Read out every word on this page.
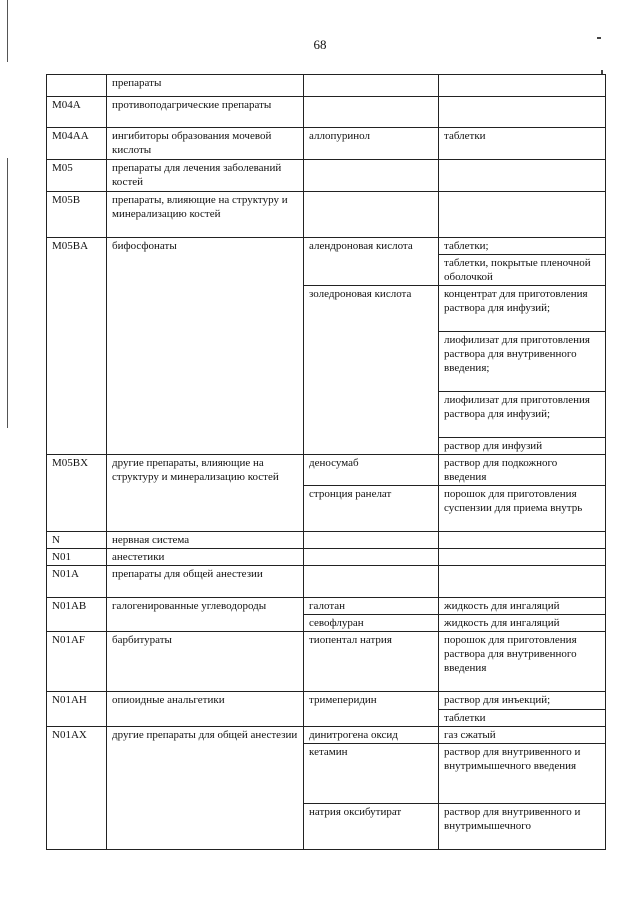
68
	препараты		
M04A	противоподагрические препараты		
M04AA	ингибиторы образования мочевой кислоты	аллопуринол	таблетки
M05	препараты для лечения заболеваний костей		
M05B	препараты, влияющие на структуру и минерализацию костей		
M05BA	бифосфонаты	алендроновая кислота	таблетки;
			таблетки, покрытые пленочной оболочкой
		золедроновая кислота	концентрат для приготовления раствора для инфузий;
			лиофилизат для приготовления раствора для внутривенного введения;
			лиофилизат для приготовления раствора для инфузий;
			раствор для инфузий
M05BX	другие препараты, влияющие на структуру и минерализацию костей	деносумаб	раствор для подкожного введения
		стронция ранелат	порошок для приготовления суспензии для приема внутрь
N	нервная система		
N01	анестетики		
N01A	препараты для общей анестезии		
N01AB	галогенированные углеводороды	галотан	жидкость для ингаляций
		севофлуран	жидкость для ингаляций
N01AF	барбитураты	тиопентал натрия	порошок для приготовления раствора для внутривенного введения
N01AH	опиоидные анальгетики	тримеперидин	раствор для инъекций;
			таблетки
N01AX	другие препараты для общей анестезии	динитрогена оксид	газ сжатый
		кетамин	раствор для внутривенного и внутримышечного введения
		натрия оксибутират	раствор для внутривенного и внутримышечного
